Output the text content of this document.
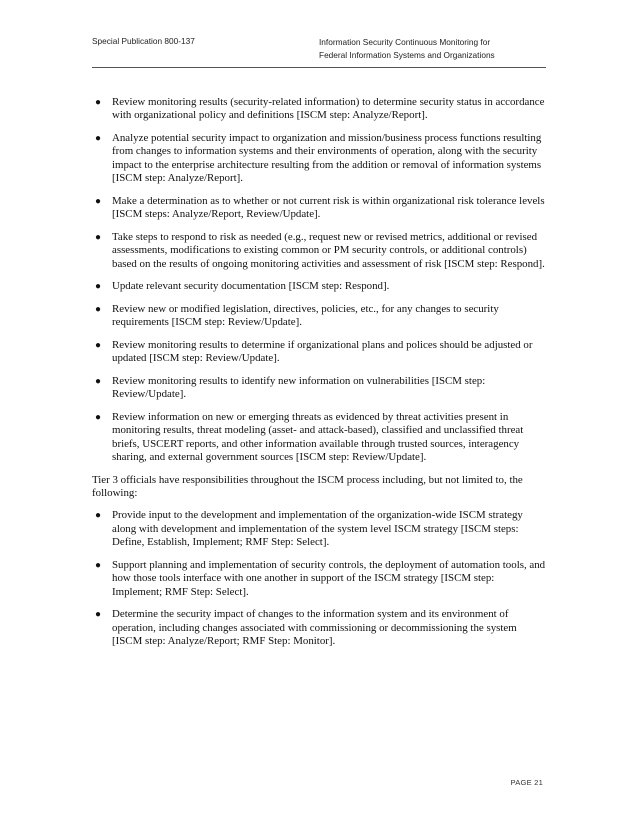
Special Publication 800-137	Information Security Continuous Monitoring for
Federal Information Systems and Organizations
● Review monitoring results (security-related information) to determine security status in accordance with organizational policy and definitions [ISCM step: Analyze/Report].
● Analyze potential security impact to organization and mission/business process functions resulting from changes to information systems and their environments of operation, along with the security impact to the enterprise architecture resulting from the addition or removal of information systems [ISCM step: Analyze/Report].
● Make a determination as to whether or not current risk is within organizational risk tolerance levels [ISCM steps: Analyze/Report, Review/Update].
● Take steps to respond to risk as needed (e.g., request new or revised metrics, additional or revised assessments, modifications to existing common or PM security controls, or additional controls) based on the results of ongoing monitoring activities and assessment of risk [ISCM step: Respond].
● Update relevant security documentation [ISCM step: Respond].
● Review new or modified legislation, directives, policies, etc., for any changes to security requirements [ISCM step: Review/Update].
● Review monitoring results to determine if organizational plans and polices should be adjusted or updated [ISCM step: Review/Update].
● Review monitoring results to identify new information on vulnerabilities [ISCM step: Review/Update].
● Review information on new or emerging threats as evidenced by threat activities present in monitoring results, threat modeling (asset- and attack-based), classified and unclassified threat briefs, USCERT reports, and other information available through trusted sources, interagency sharing, and external government sources [ISCM step: Review/Update].

Tier 3 officials have responsibilities throughout the ISCM process including, but not limited to, the following:

● Provide input to the development and implementation of the organization-wide ISCM strategy along with development and implementation of the system level ISCM strategy [ISCM steps: Define, Establish, Implement; RMF Step: Select].
● Support planning and implementation of security controls, the deployment of automation tools, and how those tools interface with one another in support of the ISCM strategy [ISCM step: Implement; RMF Step: Select].
● Determine the security impact of changes to the information system and its environment of operation, including changes associated with commissioning or decommissioning the system [ISCM step: Analyze/Report; RMF Step: Monitor].
PAGE 21
